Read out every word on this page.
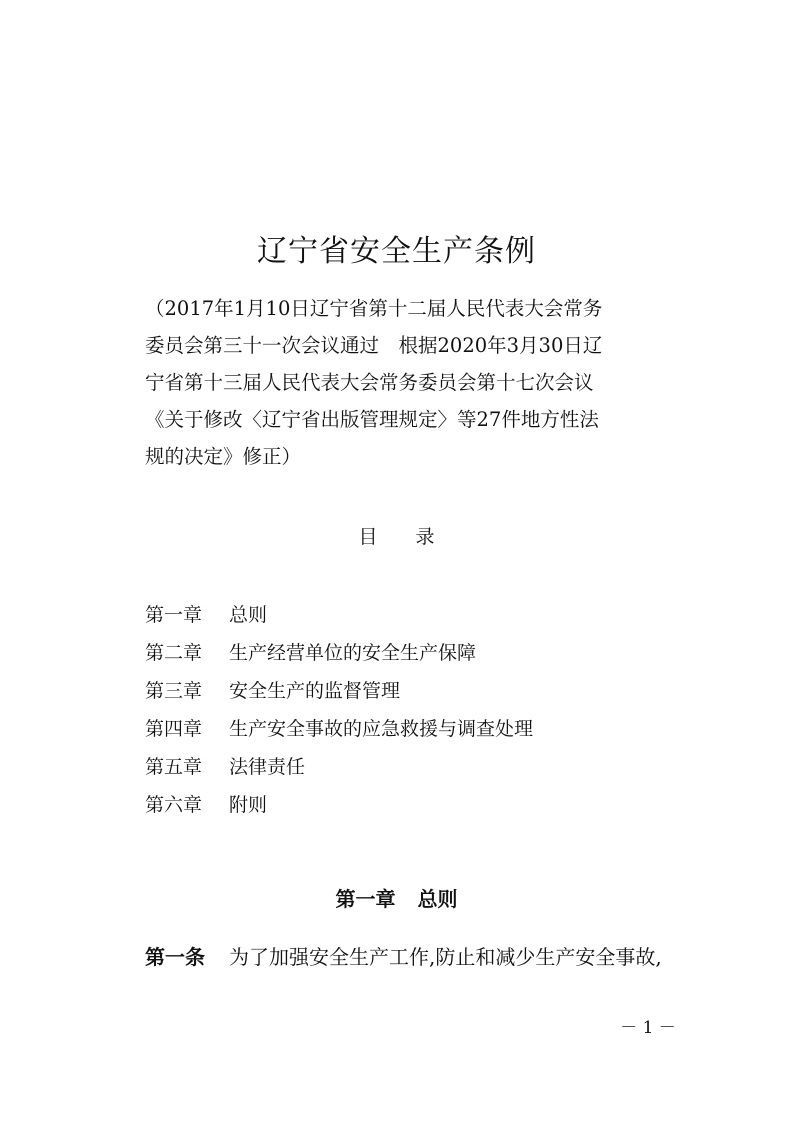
辽宁省安全生产条例
（2017年1月10日辽宁省第十二届人民代表大会常务
委员会第三十一次会议通过　根据2020年3月30日辽
宁省第十三届人民代表大会常务委员会第十七次会议
《关于修改〈辽宁省出版管理规定〉等27件地方性法
规的决定》修正）
目 录
第一章 总则
第二章 生产经营单位的安全生产保障
第三章 安全生产的监督管理
第四章 生产安全事故的应急救援与调查处理
第五章 法律责任
第六章 附则
第一章 总则

第一条 为了加强安全生产工作,防止和减少生产安全事故,

－ 1 －
